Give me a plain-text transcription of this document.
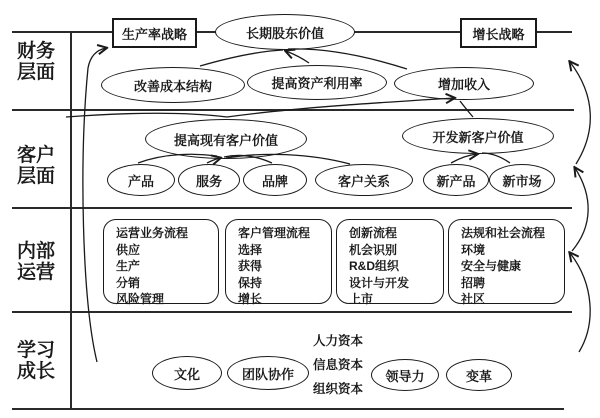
财务
层面
客户
层面
内部
运营
学习
成长
生产率战略	长期股东价值	增长战略
改善成本结构	提高资产利用率	增加收入
提高现有客户价值	开发新客户价值
产品	服务	品牌	客户关系	新产品	新市场
运营业务流程
供应
生产
分销
风险管理
客户管理流程
选择
获得
保持
增长
创新流程
机会识别
R&D组织
设计与开发
上市
法规和社会流程
环境
安全与健康
招聘
社区
人力资本
信息资本
组织资本
文化	团队协作	领导力	变革
